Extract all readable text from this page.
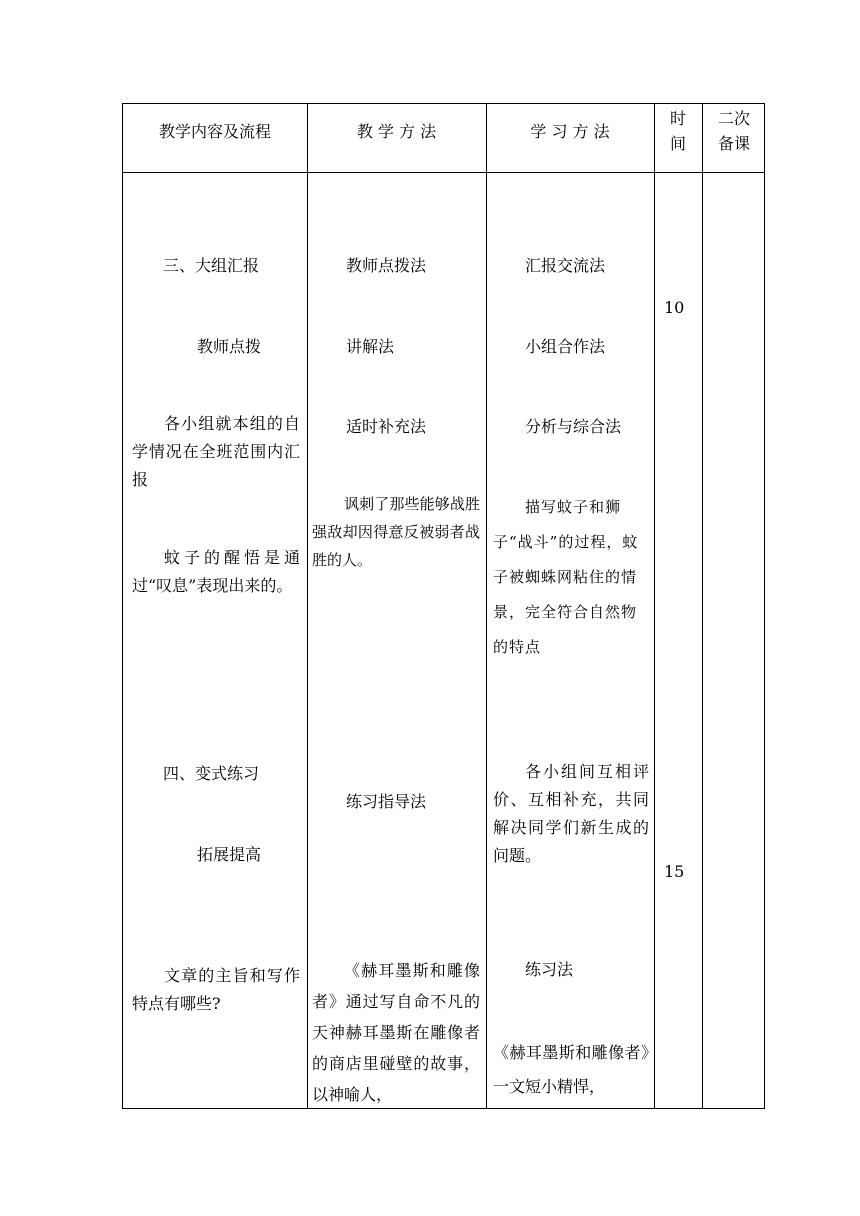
教学内容及流程	教 学 方 法	学 习 方 法
时
间
二次
备课
三、大组汇报
教师点拨
各小组就本组的自学情况在全班范围内汇报
蚊子的醒悟是通过“叹息”表现出来的。
四、变式练习
拓展提高
文章的主旨和写作特点有哪些?
教师点拨法
讲解法
适时补充法
讽刺了那些能够战胜强敌却因得意反被弱者战胜的人。
练习指导法
《赫耳墨斯和雕像者》通过写自命不凡的天神赫耳墨斯在雕像者的商店里碰壁的故事，以神喻人，
汇报交流法
小组合作法
分析与综合法
描写蚊子和狮子“战斗”的过程，蚊子被蜘蛛网粘住的情景，完全符合自然物的特点
各小组间互相评价、互相补充，共同解决同学们新生成的问题。
练习法
《赫耳墨斯和雕像者》一文短小精悍，
10
15
